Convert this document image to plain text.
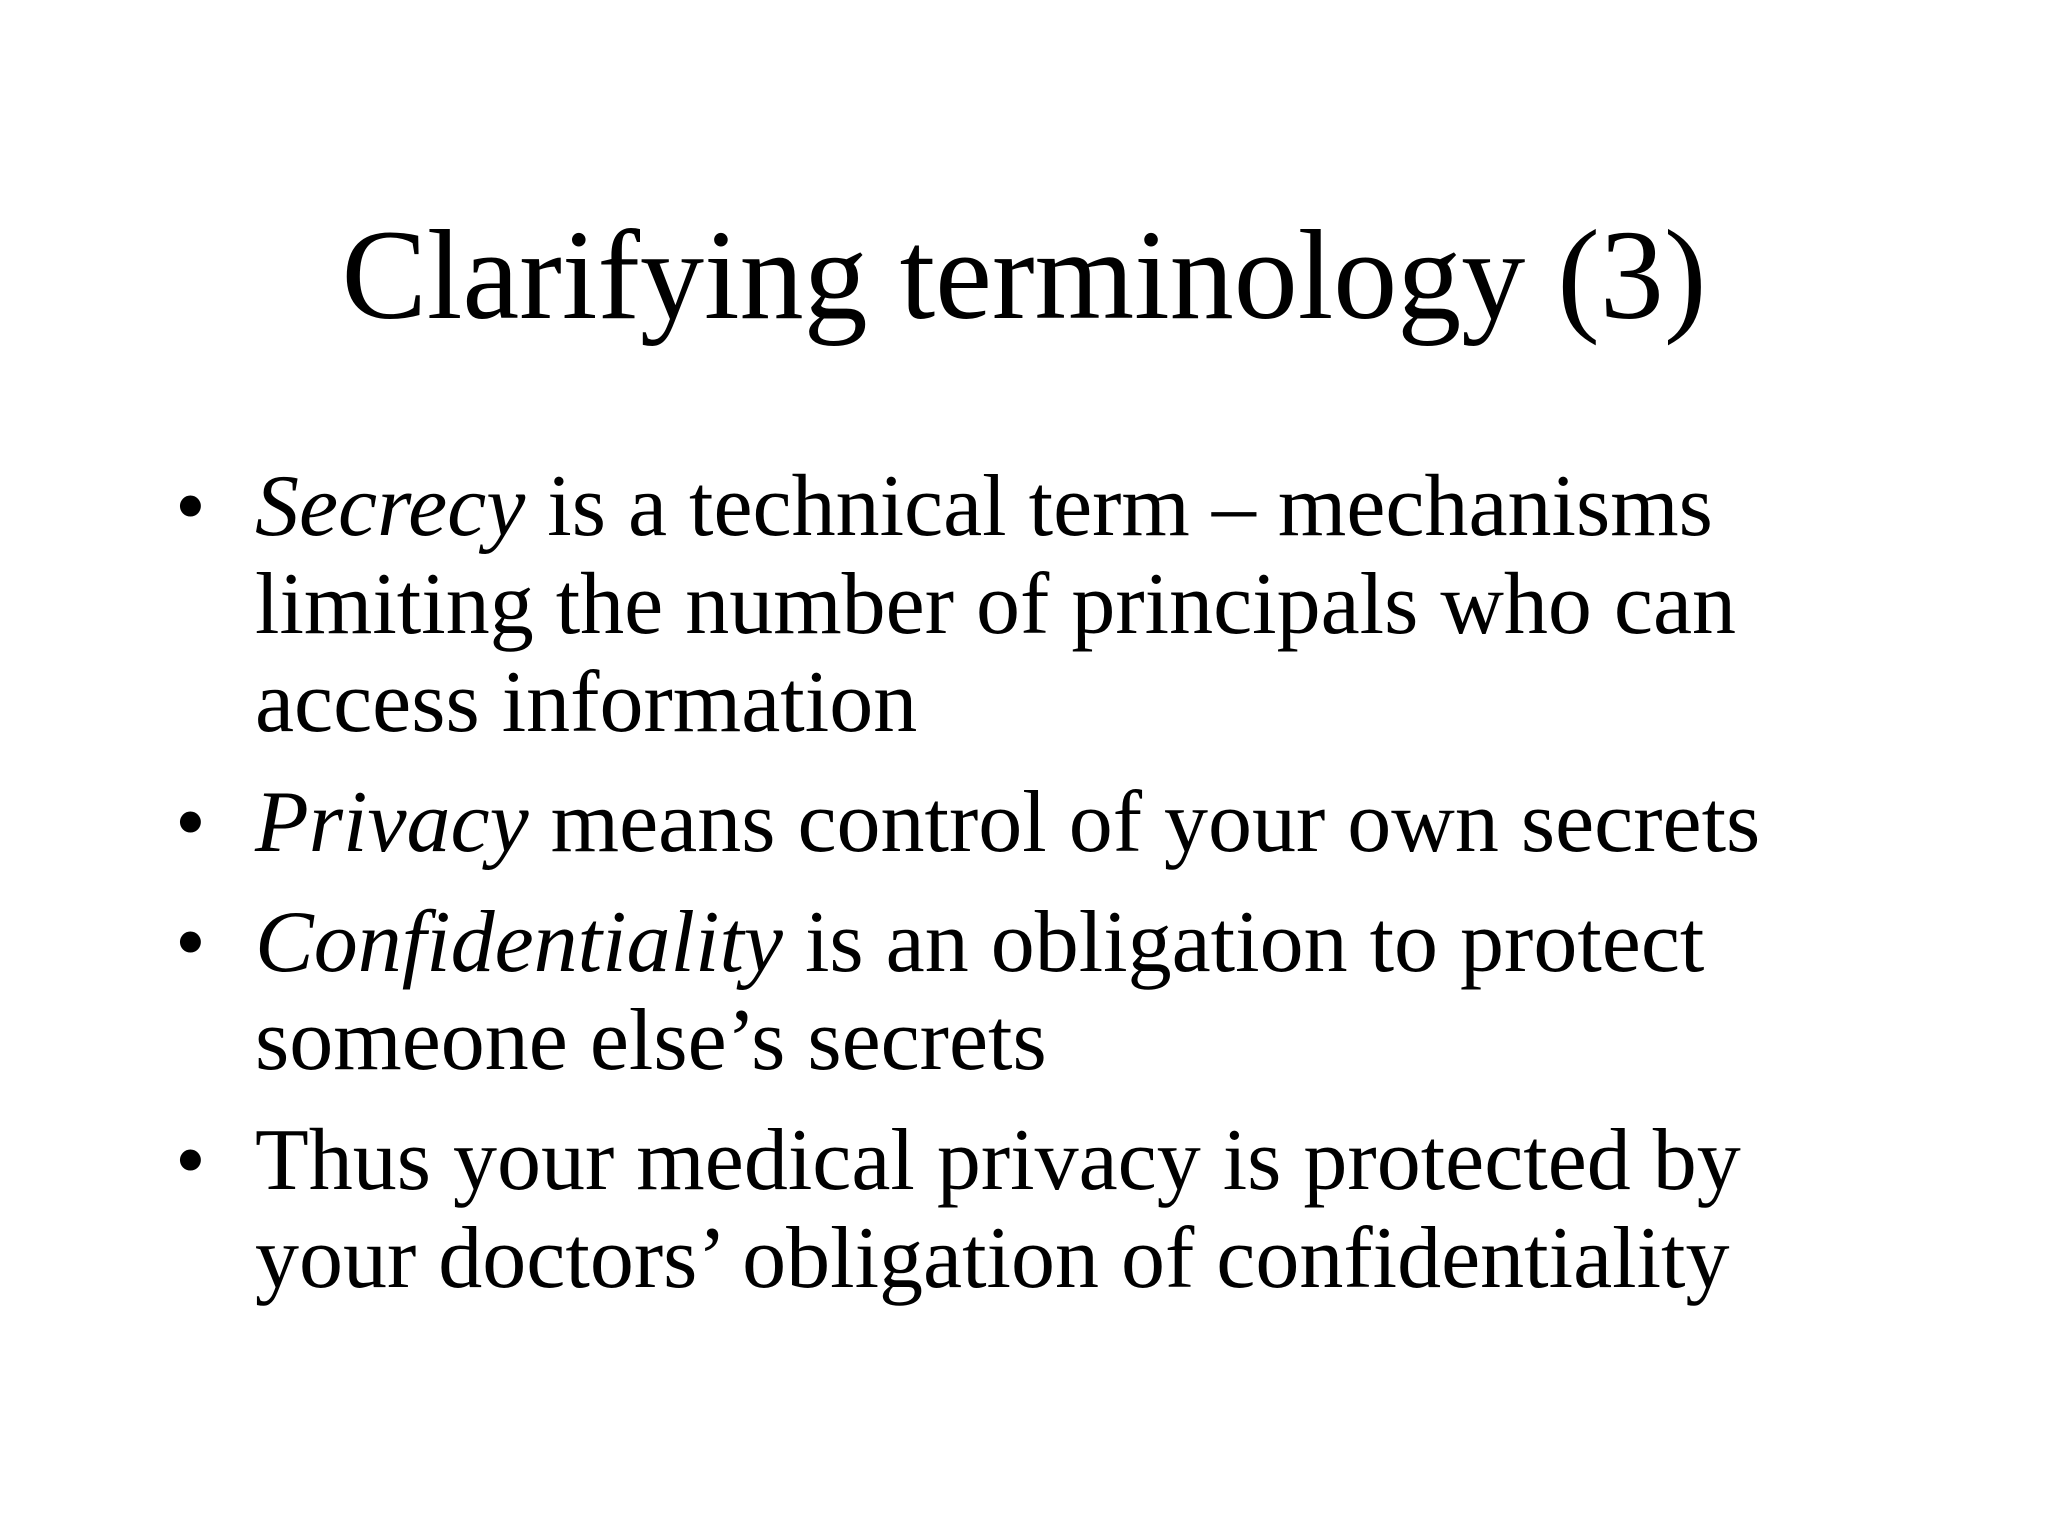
Clarifying terminology (3)
• Secrecy is a technical term – mechanisms
limiting the number of principals who can
access information
• Privacy means control of your own secrets
• Confidentiality is an obligation to protect
someone else’s secrets
• Thus your medical privacy is protected by
your doctors’ obligation of confidentiality
